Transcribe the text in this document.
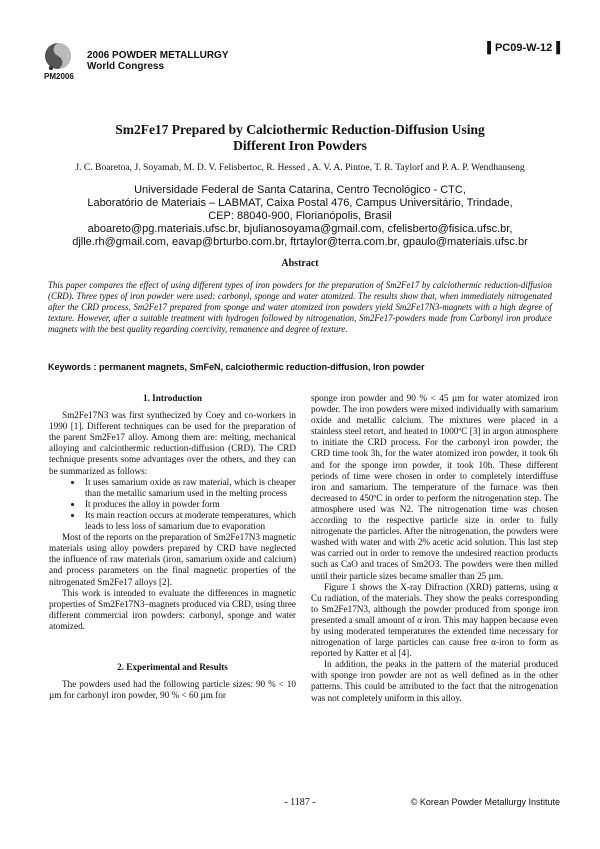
PM2006
2006 POWDER METALLURGY
World Congress
▌PC09-W-12▐
Sm2Fe17 Prepared by Calciothermic Reduction-Diffusion Using
Different Iron Powders
J. C. Boaretoa, J. Soyamab, M. D. V. Felisbertoc, R. Hessed , A. V. A. Pintoe, T. R. Taylorf and P. A. P. Wendhauseng
Universidade Federal de Santa Catarina, Centro Tecnológico - CTC,
Laboratório de Materiais – LABMAT, Caixa Postal 476, Campus Universitário, Trindade,
CEP: 88040-900, Florianópolis, Brasil
aboareto@pg.materiais.ufsc.br, bjulianosoyama@gmail.com, cfelisberto@fisica.ufsc.br,
djlle.rh@gmail.com, eavap@brturbo.com.br, ftrtaylor@terra.com.br, gpaulo@materiais.ufsc.br
Abstract
This paper compares the effect of using different types of iron powders for the preparation of Sm2Fe17 by calciothermic reduction-diffusion (CRD). Three types of iron powder were used: carbonyl, sponge and water atomized. The results show that, when immediately nitrogenated after the CRD process, Sm2Fe17 prepared from sponge and water atomized iron powders yield Sm2Fe17N3-magnets with a high degree of texture. However, after a suitable treatment with hydrogen followed by nitrogenation, Sm2Fe17-powders made from Carbonyl iron produce magnets with the best quality regarding coercivity, remanence and degree of texture.
Keywords : permanent magnets, SmFeN, calciothermic reduction-diffusion, Iron powder
1. Introduction

Sm2Fe17N3 was first synthecized by Coey and co-workers in 1990 [1]. Different techniques can be used for the preparation of the parent Sm2Fe17 alloy. Among them are: melting, mechanical alloying and calciothermic reduction-diffusion (CRD). The CRD technique presents some advantages over the others, and they can be summarized as follows:

• It uses samarium oxide as raw material, which is cheaper than the metallic samarium used in the melting process
• It produces the alloy in powder form
• Its main reaction occurs at moderate temperatures, which leads to less loss of samarium due to evaporation

Most of the reports on the preparation of Sm2Fe17N3 magnetic materials using alloy powders prepared by CRD have neglected the influence of raw materials (iron, samarium oxide and calcium) and process parameters on the final magnetic properties of the nitrogenated Sm2Fe17 alloys [2].

This work is intended to evaluate the differences in magnetic properties of Sm2Fe17N3–magnets produced via CRD, using three different commercial iron powders: carbonyl, sponge and water atomized.

2. Experimental and Results

The powders used had the following particle sizes: 90 % < 10 µm for carbonyl iron powder, 90 % < 60 µm for

sponge iron powder and 90 % < 45 µm for water atomized iron powder. The iron powders were mixed individually with samarium oxide and metallic calcium. The mixtures were placed in a stainless steel retort, and heated to 1000ºC [3] in argon atmosphere to initiate the CRD process. For the carbonyl iron powder, the CRD time took 3h, for the water atomized iron powder, it took 6h and for the sponge iron powder, it took 10h. These different periods of time were chosen in order to completely interdiffuse iron and samarium. The temperature of the furnace was then decreased to 450ºC in order to perform the nitrogenation step. The atmosphere used was N2. The nitrogenation time was chosen according to the respective particle size in order to fully nitrogenate the particles. After the nitrogenation, the powders were washed with water and with 2% acetic acid solution. This last step was carried out in order to remove the undesired reaction products such as CaO and traces of Sm2O3. The powders were then milled until their particle sizes became smaller than 25 µm.

Figure 1 shows the X-ray Difraction (XRD) patterns, using α Cu radiation, of the materials. They show the peaks corresponding to Sm2Fe17N3, although the powder produced from sponge iron presented a small amount of α iron. This may happen because even by using moderated temperatures the extended time necessary for nitrogenation of large particles can cause free α-iron to form as reported by Katter et al [4].

In addition, the peaks in the pattern of the material produced with sponge iron powder are not as well defined as in the other patterns. This could be attributed to the fact that the nitrogenation was not completely uniform in this alloy.

- 1187 -	© Korean Powder Metallurgy Institute
